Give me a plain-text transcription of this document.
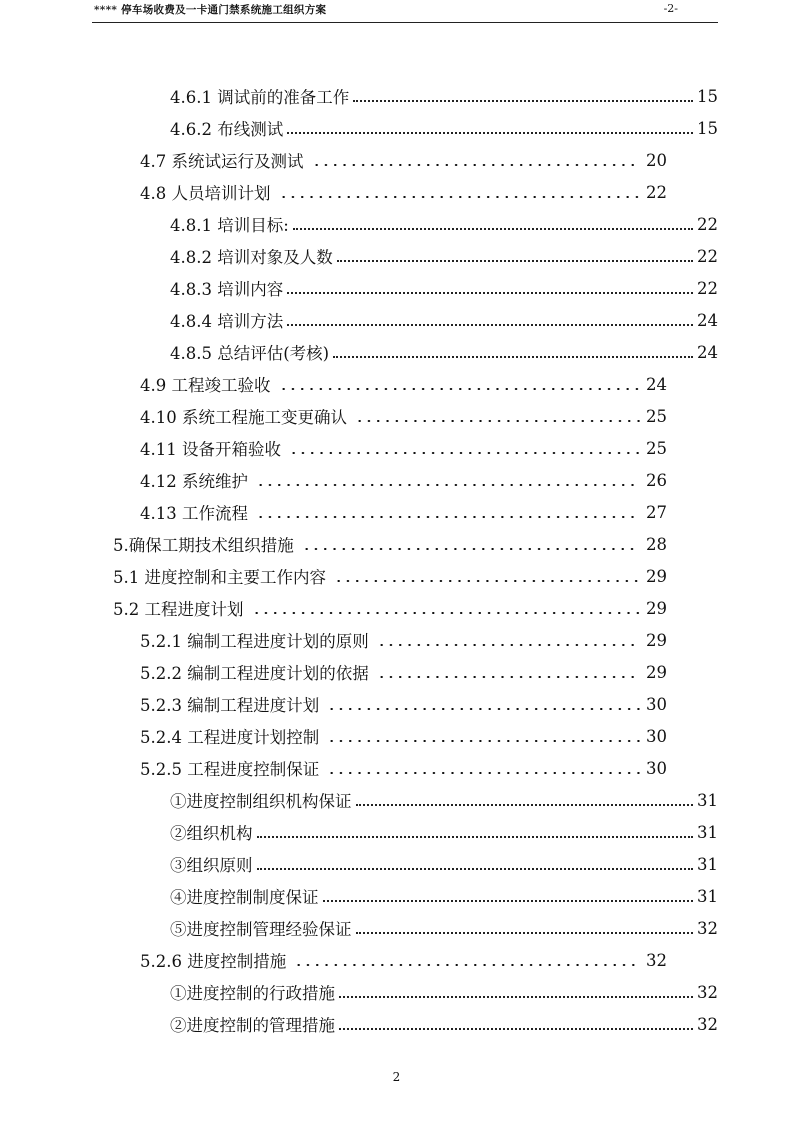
**** 停车场收费及一卡通门禁系统施工组织方案	-2-
4.6.1 调试前的准备工作	15
4.6.2 布线测试	15
4.7 系统试运行及测试	20
4.8 人员培训计划	22
4.8.1 培训目标:	22
4.8.2 培训对象及人数	22
4.8.3 培训内容	22
4.8.4 培训方法	24
4.8.5 总结评估(考核)	24
4.9 工程竣工验收	24
4.10 系统工程施工变更确认	25
4.11 设备开箱验收	25
4.12 系统维护	26
4.13 工作流程	27
5.确保工期技术组织措施	28
5.1 进度控制和主要工作内容	29
5.2 工程进度计划	29
5.2.1 编制工程进度计划的原则	29
5.2.2 编制工程进度计划的依据	29
5.2.3 编制工程进度计划	30
5.2.4 工程进度计划控制	30
5.2.5 工程进度控制保证	30
①进度控制组织机构保证	31
②组织机构	31
③组织原则	31
④进度控制制度保证	31
⑤进度控制管理经验保证	32
5.2.6 进度控制措施	32
①进度控制的行政措施	32
②进度控制的管理措施	32
2
